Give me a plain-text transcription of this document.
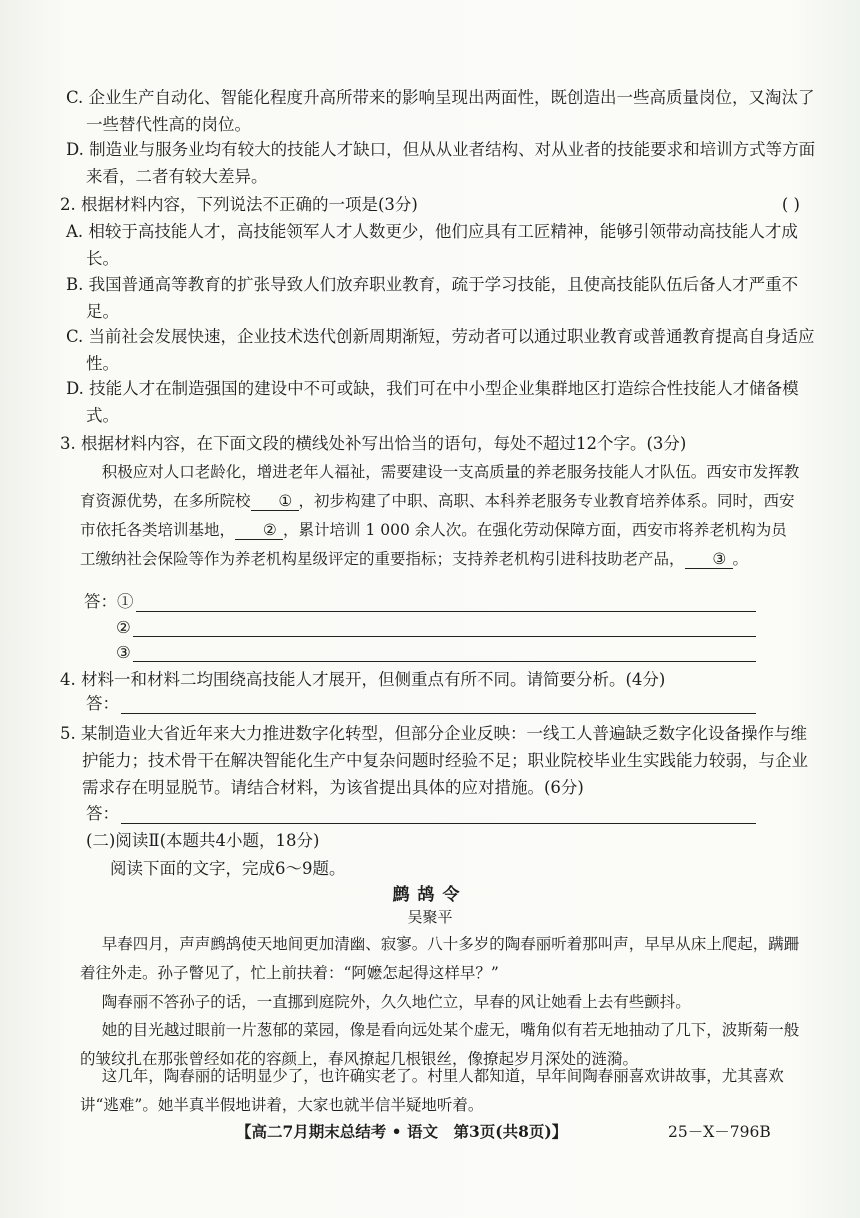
C. 企业生产自动化、智能化程度升高所带来的影响呈现出两面性，既创造出一些高质量岗位，又淘汰了一些替代性高的岗位。
D. 制造业与服务业均有较大的技能人才缺口，但从从业者结构、对从业者的技能要求和培训方式等方面来看，二者有较大差异。
2. 根据材料内容，下列说法不正确的一项是(3分)	( )
A. 相较于高技能人才，高技能领军人才人数更少，他们应具有工匠精神，能够引领带动高技能人才成长。
B. 我国普通高等教育的扩张导致人们放弃职业教育，疏于学习技能，且使高技能队伍后备人才严重不足。
C. 当前社会发展快速，企业技术迭代创新周期渐短，劳动者可以通过职业教育或普通教育提高自身适应性。
D. 技能人才在制造强国的建设中不可或缺，我们可在中小型企业集群地区打造综合性技能人才储备模式。
3. 根据材料内容，在下面文段的横线处补写出恰当的语句，每处不超过12个字。(3分)
积极应对人口老龄化，增进老年人福祉，需要建设一支高质量的养老服务技能人才队伍。西安市发挥教育资源优势，在多所院校 ① ，初步构建了中职、高职、本科养老服务专业教育培养体系。同时，西安市依托各类培训基地， ② ，累计培训 1 000 余人次。在强化劳动保障方面，西安市将养老机构为员工缴纳社会保险等作为养老机构星级评定的重要指标；支持养老机构引进科技助老产品， ③ 。
答：①
②
③
4. 材料一和材料二均围绕高技能人才展开，但侧重点有所不同。请简要分析。(4分)
答：
5. 某制造业大省近年来大力推进数字化转型，但部分企业反映：一线工人普遍缺乏数字化设备操作与维护能力；技术骨干在解决智能化生产中复杂问题时经验不足；职业院校毕业生实践能力较弱，与企业需求存在明显脱节。请结合材料，为该省提出具体的应对措施。(6分)
答：
(二)阅读Ⅱ(本题共4小题，18分)
阅读下面的文字，完成6～9题。
鹧鸪令
吴聚平
早春四月，声声鹧鸪使天地间更加清幽、寂寥。八十多岁的陶春丽听着那叫声，早早从床上爬起，蹒跚着往外走。孙子瞥见了，忙上前扶着：“阿嬷怎起得这样早？”
陶春丽不答孙子的话，一直挪到庭院外，久久地伫立，早春的风让她看上去有些颤抖。
她的目光越过眼前一片葱郁的菜园，像是看向远处某个虚无，嘴角似有若无地抽动了几下，波斯菊一般的皱纹扎在那张曾经如花的容颜上，春风撩起几根银丝，像撩起岁月深处的涟漪。
这几年，陶春丽的话明显少了，也许确实老了。村里人都知道，早年间陶春丽喜欢讲故事，尤其喜欢讲“逃难”。她半真半假地讲着，大家也就半信半疑地听着。
【高二7月期末总结考 • 语文　第3页(共8页)】	25－X－796B
